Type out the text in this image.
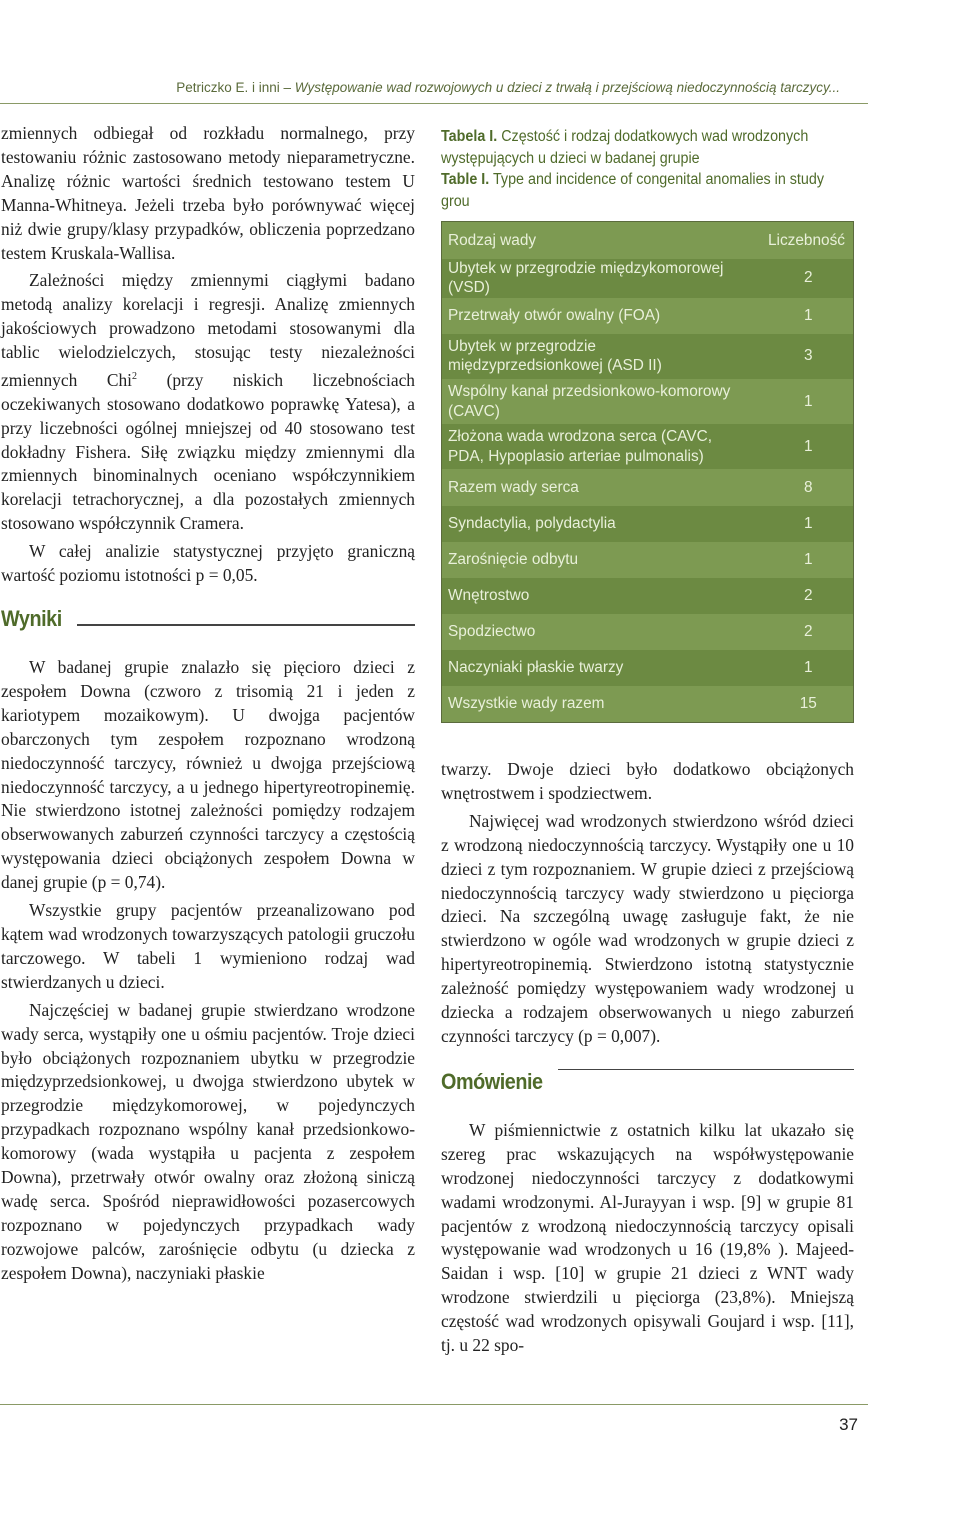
Petriczko E. i inni – Występowanie wad rozwojowych u dzieci z trwałą i przejściową niedoczynnością tarczycy...

zmiennych odbiegał od rozkładu normalnego, przy testowaniu różnic zastosowano metody nieparametryczne. Analizę różnic wartości średnich testowano testem U Manna-Whitneya. Jeżeli trzeba było porównywać więcej niż dwie grupy/klasy przypadków, obliczenia poprzedzano testem Kruskala-Wallisa.

Zależności między zmiennymi ciągłymi badano metodą analizy korelacji i regresji. Analizę zmiennych jakościowych prowadzono metodami stosowanymi dla tablic wielodzielczych, stosując testy niezależności zmiennych Chi$^2$ (przy niskich liczebnościach oczekiwanych stosowano dodatkowo poprawkę Yatesa), a przy liczebności ogólnej mniejszej od 40 stosowano test dokładny Fishera. Siłę związku między zmiennymi dla zmiennych binominalnych oceniano współczynnikiem korelacji tetrachorycznej, a dla pozostałych zmiennych stosowano współczynnik Cramera.

W całej analizie statystycznej przyjęto graniczną wartość poziomu istotności p = 0,05.

Wyniki

W badanej grupie znalazło się pięcioro dzieci z zespołem Downa (czworo z trisomią 21 i jeden z kariotypem mozaikowym). U dwojga pacjentów obarczonych tym zespołem rozpoznano wrodzoną niedoczynność tarczycy, również u dwojga przejściową niedoczynność tarczycy, a u jednego hipertyreotropinemię. Nie stwierdzono istotnej zależności pomiędzy rodzajem obserwowanych zaburzeń czynności tarczycy a częstością występowania dzieci obciążonych zespołem Downa w danej grupie (p = 0,74).

Wszystkie grupy pacjentów przeanalizowano pod kątem wad wrodzonych towarzyszących patologii gruczołu tarczowego. W tabeli 1 wymieniono rodzaj wad stwierdzanych u dzieci.

Najczęściej w badanej grupie stwierdzano wrodzone wady serca, wystąpiły one u ośmiu pacjentów. Troje dzieci było obciążonych rozpoznaniem ubytku w przegrodzie międzyprzedsionkowej, u dwojga stwierdzono ubytek w przegrodzie międzykomorowej, w pojedynczych przypadkach rozpoznano wspólny kanał przedsionkowo-komorowy (wada wystąpiła u pacjenta z zespołem Downa), przetrwały otwór owalny oraz złożoną siniczą wadę serca. Spośród nieprawidłowości pozasercowych rozpoznano w pojedynczych przypadkach wady rozwojowe palców, zarośnięcie odbytu (u dziecka z zespołem Downa), naczyniaki płaskie

Tabela I. Częstość i rodzaj dodatkowych wad wrodzonych występujących u dzieci w badanej grupie
Table I. Type and incidence of congenital anomalies in study grou
Rodzaj wady	Liczebność
Ubytek w przegrodzie międzykomorowej (VSD)	2
Przetrwały otwór owalny (FOA)	1
Ubytek w przegrodzie międzyprzedsionkowej (ASD II)	3
Wspólny kanał przedsionkowo-komorowy (CAVC)	1
Złożona wada wrodzona serca (CAVC, PDA, Hypoplasio arteriae pulmonalis)	1
Razem wady serca	8
Syndactylia, polydactylia	1
Zarośnięcie odbytu	1
Wnętrostwo	2
Spodziectwo	2
Naczyniaki płaskie twarzy	1
Wszystkie wady razem	15

twarzy. Dwoje dzieci było dodatkowo obciążonych wnętrostwem i spodziectwem.

Najwięcej wad wrodzonych stwierdzono wśród dzieci z wrodzoną niedoczynnością tarczycy. Wystąpiły one u 10 dzieci z tym rozpoznaniem. W grupie dzieci z przejściową niedoczynnością tarczycy wady stwierdzono u pięciorga dzieci. Na szczególną uwagę zasługuje fakt, że nie stwierdzono w ogóle wad wrodzonych w grupie dzieci z hipertyreotropinemią. Stwierdzono istotną statystycznie zależność pomiędzy występowaniem wady wrodzonej u dziecka a rodzajem obserwowanych u niego zaburzeń czynności tarczycy (p = 0,007).

Omówienie

W piśmiennictwie z ostatnich kilku lat ukazało się szereg prac wskazujących na współwystępowanie wrodzonej niedoczynności tarczycy z dodatkowymi wadami wrodzonymi. Al-Jurayyan i wsp. [9] w grupie 81 pacjentów z wrodzoną niedoczynnością tarczycy opisali występowanie wad wrodzonych u 16 (19,8% ). Majeed-Saidan i wsp. [10] w grupie 21 dzieci z WNT wady wrodzone stwierdzili u pięciorga (23,8%). Mniejszą częstość wad wrodzonych opisywali Goujard i wsp. [11], tj. u 22 spo-

37
